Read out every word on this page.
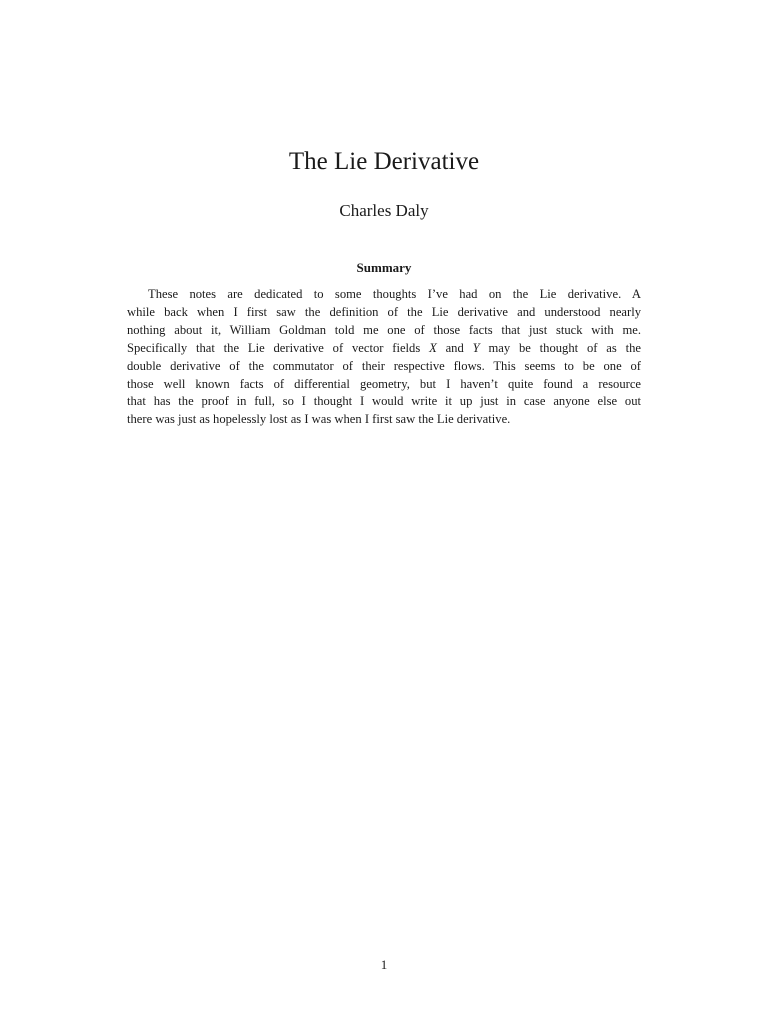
The Lie Derivative
Charles Daly
Summary
These notes are dedicated to some thoughts I’ve had on the Lie derivative. A
while back when I first saw the definition of the Lie derivative and understood nearly
nothing about it, William Goldman told me one of those facts that just stuck with me.
Specifically that the Lie derivative of vector fields X and Y may be thought of as the
double derivative of the commutator of their respective flows. This seems to be one of
those well known facts of differential geometry, but I haven’t quite found a resource
that has the proof in full, so I thought I would write it up just in case anyone else out
there was just as hopelessly lost as I was when I first saw the Lie derivative.
1
